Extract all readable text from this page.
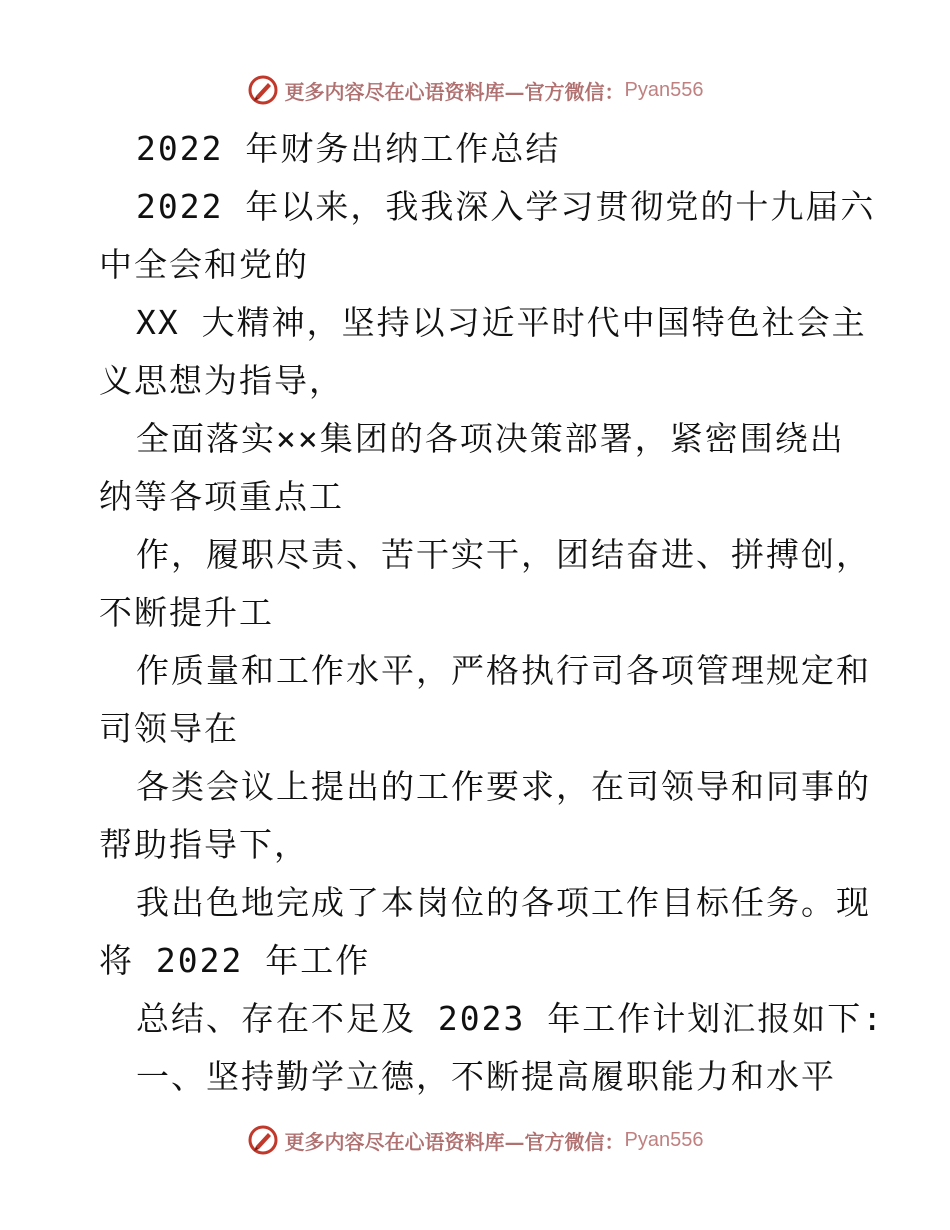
更多内容尽在心语资料库—官方微信： Pyan556
2022 年财务出纳工作总结
2022 年以来，我我深入学习贯彻党的十九届六
中全会和党的
XX 大精神，坚持以习近平时代中国特色社会主
义思想为指导，
全面落实××集团的各项决策部署，紧密围绕出
纳等各项重点工
作，履职尽责、苦干实干，团结奋进、拼搏创，
不断提升工
作质量和工作水平，严格执行司各项管理规定和
司领导在
各类会议上提出的工作要求，在司领导和同事的
帮助指导下，
我出色地完成了本岗位的各项工作目标任务。现
将 2022 年工作
总结、存在不足及 2023 年工作计划汇报如下:
一、坚持勤学立德，不断提高履职能力和水平
更多内容尽在心语资料库—官方微信： Pyan556
